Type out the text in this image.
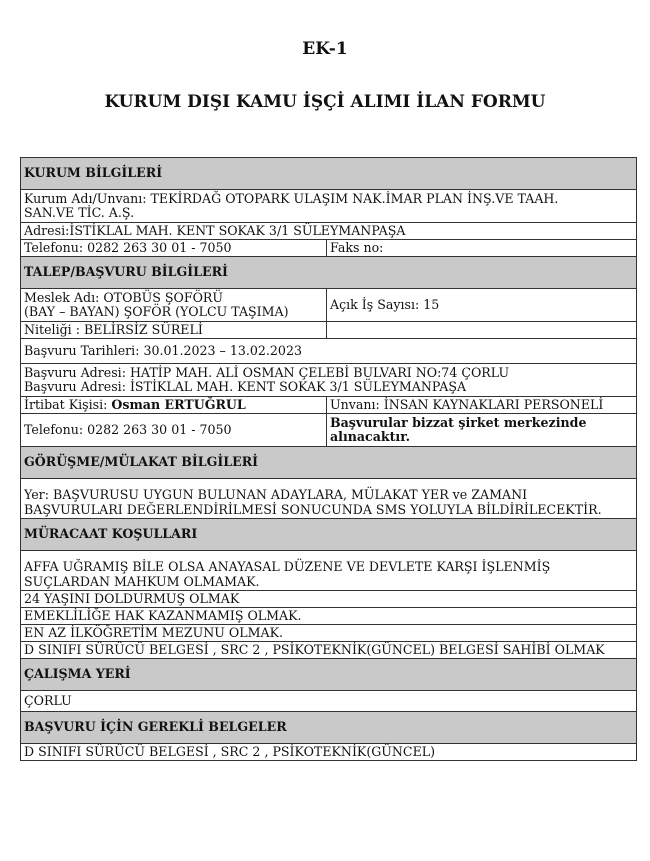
EK-1
KURUM DIŞI KAMU İŞÇİ ALIMI İLAN FORMU
KURUM BİLGİLERİ	

Kurum Adı/Unvanı: TEKİRDAĞ OTOPARK ULAŞIM NAK.İMAR PLAN İNŞ.VE TAAH.
SAN.VE TİC. A.Ş.	

Adresi:İSTİKLAL MAH. KENT SOKAK 3/1 SÜLEYMANPAŞA	
Telefonu: 0282 263 30 01 - 7050	Faks no:
TALEP/BAŞVURU BİLGİLERİ	

Meslek Adı: OTOBÜS ŞOFÖRÜ
(BAY – BAYAN) ŞOFÖR (YOLCU TAŞIMA)	Açık İş Sayısı: 15
Niteliği : BELİRSİZ SÜRELİ	
Başvuru Tarihleri: 30.01.2023 – 13.02.2023	

Başvuru Adresi: HATİP MAH. ALİ OSMAN ÇELEBİ BULVARI NO:74 ÇORLU
Başvuru Adresi: İSTİKLAL MAH. KENT SOKAK 3/1 SÜLEYMANPAŞA	

İrtibat Kişisi: Osman ERTUĞRUL	Unvanı: İNSAN KAYNAKLARI PERSONELİ
Telefonu: 0282 263 30 01 - 7050	Başvurular bizzat şirket merkezinde alınacaktır.
GÖRÜŞME/MÜLAKAT BİLGİLERİ	

Yer: BAŞVURUSU UYGUN BULUNAN ADAYLARA, MÜLAKAT YER ve ZAMANI
BAŞVURULARI DEĞERLENDİRİLMESİ SONUCUNDA SMS YOLUYLA BİLDİRİLECEKTİR.	

MÜRACAAT KOŞULLARI	

AFFA UĞRAMIŞ BİLE OLSA ANAYASAL DÜZENE VE DEVLETE KARŞI İŞLENMİŞ
SUÇLARDAN MAHKUM OLMAMAK.	

24 YAŞINI DOLDURMUŞ OLMAK	
EMEKLİLİĞE HAK KAZANMAMIŞ OLMAK.	
EN AZ İLKÖĞRETİM MEZUNU OLMAK.	
D SINIFI SÜRÜCÜ BELGESİ , SRC 2 , PSİKOTEKNİK(GÜNCEL) BELGESİ SAHİBİ OLMAK	
ÇALIŞMA YERİ	
ÇORLU	
BAŞVURU İÇİN GEREKLİ BELGELER	
D SINIFI SÜRÜCÜ BELGESİ , SRC 2 , PSİKOTEKNİK(GÜNCEL)	
